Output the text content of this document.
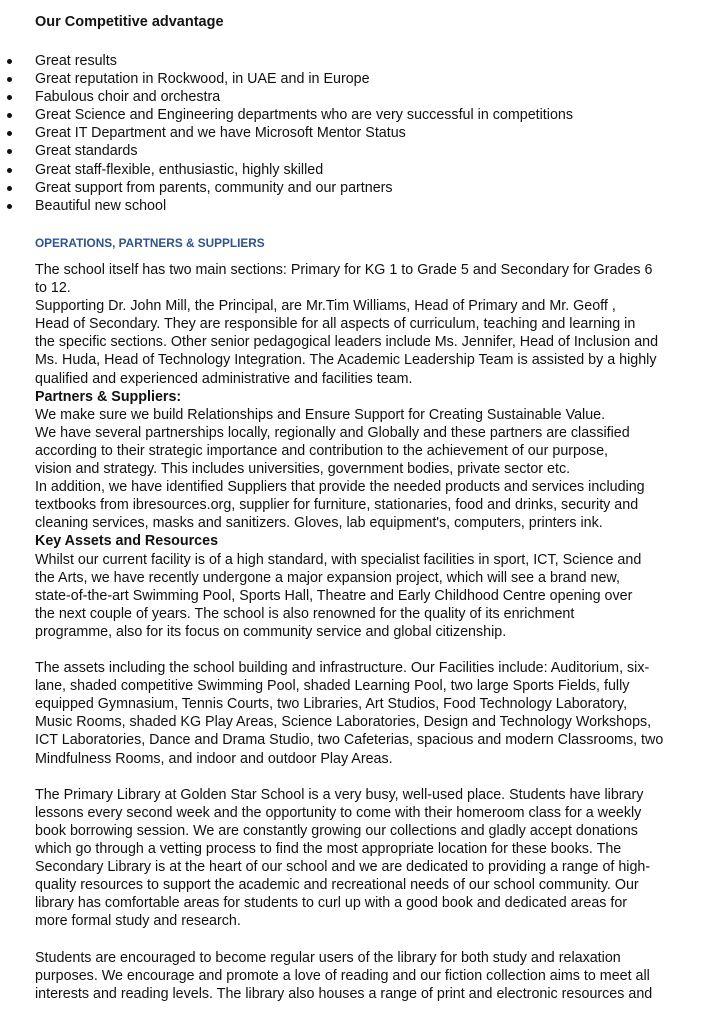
Our Competitive advantage
Great results
Great reputation in Rockwood, in UAE and in Europe
Fabulous choir and orchestra
Great Science and Engineering departments who are very successful in competitions
Great IT Department and we have Microsoft Mentor Status
Great standards
Great staff-flexible, enthusiastic, highly skilled
Great support from parents, community and our partners
Beautiful new school
OPERATIONS, PARTNERS & SUPPLIERS

The school itself has two main sections: Primary for KG 1 to Grade 5 and Secondary for Grades 6
to 12.

Supporting Dr. John Mill, the Principal, are Mr.Tim Williams, Head of Primary and Mr. Geoff ,
Head of Secondary. They are responsible for all aspects of curriculum, teaching and learning in
the specific sections. Other senior pedagogical leaders include Ms. Jennifer, Head of Inclusion and
Ms. Huda, Head of Technology Integration. The Academic Leadership Team is assisted by a highly
qualified and experienced administrative and facilities team.

Partners & Suppliers:

We make sure we build Relationships and Ensure Support for Creating Sustainable Value.

We have several partnerships locally, regionally and Globally and these partners are classified
according to their strategic importance and contribution to the achievement of our purpose,
vision and strategy. This includes universities, government bodies, private sector etc.

In addition, we have identified Suppliers that provide the needed products and services including
textbooks from ibresources.org, supplier for furniture, stationaries, food and drinks, security and
cleaning services, masks and sanitizers. Gloves, lab equipment's, computers, printers ink.

Key Assets and Resources

Whilst our current facility is of a high standard, with specialist facilities in sport, ICT, Science and
the Arts, we have recently undergone a major expansion project, which will see a brand new,
state-of-the-art Swimming Pool, Sports Hall, Theatre and Early Childhood Centre opening over
the next couple of years. The school is also renowned for the quality of its enrichment
programme, also for its focus on community service and global citizenship.

The assets including the school building and infrastructure. Our Facilities include: Auditorium, six-
lane, shaded competitive Swimming Pool, shaded Learning Pool, two large Sports Fields, fully
equipped Gymnasium, Tennis Courts, two Libraries, Art Studios, Food Technology Laboratory,
Music Rooms, shaded KG Play Areas, Science Laboratories, Design and Technology Workshops,
ICT Laboratories, Dance and Drama Studio, two Cafeterias, spacious and modern Classrooms, two
Mindfulness Rooms, and indoor and outdoor Play Areas.

The Primary Library at Golden Star School is a very busy, well-used place. Students have library
lessons every second week and the opportunity to come with their homeroom class for a weekly
book borrowing session. We are constantly growing our collections and gladly accept donations
which go through a vetting process to find the most appropriate location for these books. The
Secondary Library is at the heart of our school and we are dedicated to providing a range of high-
quality resources to support the academic and recreational needs of our school community. Our
library has comfortable areas for students to curl up with a good book and dedicated areas for
more formal study and research.

Students are encouraged to become regular users of the library for both study and relaxation
purposes. We encourage and promote a love of reading and our fiction collection aims to meet all
interests and reading levels. The library also houses a range of print and electronic resources and
